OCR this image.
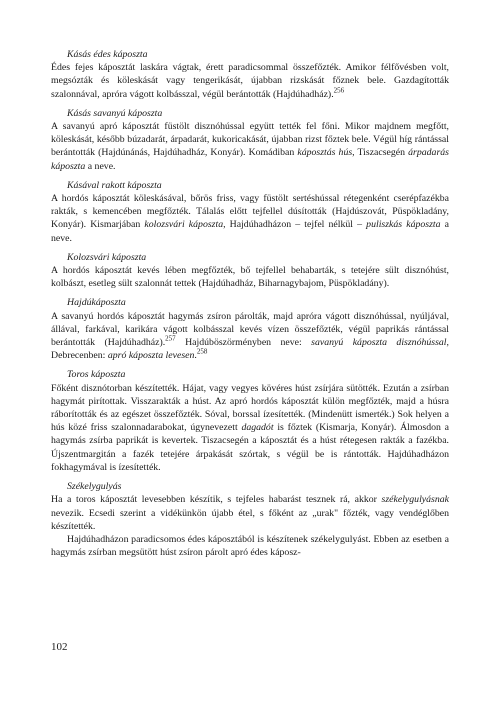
Kásás édes káposzta

Édes fejes káposztát laskára vágtak, érett paradicsommal összefőzték. Amikor félfővésben volt, megsózták és köleskását vagy tengerikását, újabban rizskását főznek bele. Gazdagították szalonnával, apróra vágott kolbásszal, végül berántották (Hajdúhadház).$^{256}$

Kásás savanyú káposzta

A savanyú apró káposztát füstölt disznóhússal együtt tették fel főni. Mikor majdnem megfőtt, köleskását, később búzadarát, árpadarát, kukoricakását, újabban rizst főztek bele. Végül híg rántással berántották (Hajdúnánás, Hajdúhadház, Konyár). Komádiban káposztás hús, Tiszacsegén árpadarás káposzta a neve.

Kásával rakott káposzta

A hordós káposztát köleskásával, bőrös friss, vagy füstölt sertéshússal rétegenként cserépfazékba rakták, s kemencében megfőzték. Tálalás előtt tejfellel dúsították (Hajdúszovát, Püspökladány, Konyár). Kismarjában kolozsvári káposzta, Hajdúhadházon – tejfel nélkül – puliszkás káposzta a neve.

Kolozsvári káposzta

A hordós káposztát kevés lében megfőzték, bő tejfellel behabarták, s tetejére sült disznóhúst, kolbászt, esetleg sült szalonnát tettek (Hajdúhadház, Biharnagybajom, Püspökladány).

Hajdúkáposzta

A savanyú hordós káposztát hagymás zsíron párolták, majd apróra vágott disznóhússal, nyúljával, állával, farkával, karikára vágott kolbásszal kevés vízen összefőzték, végül paprikás rántással berántották (Hajdúhadház).$^{257}$ Hajdúböszörményben neve: savanyú káposzta disznóhússal, Debrecenben: apró káposzta levesen.$^{258}$

Toros káposzta

Főként disznótorban készítették. Hájat, vagy vegyes kövéres húst zsírjára sütötték. Ezután a zsírban hagymát pirítottak. Visszarakták a húst. Az apró hordós káposztát külön megfőzték, majd a húsra ráborították és az egészet összefőzték. Sóval, borssal ízesítették. (Mindenütt ismerték.) Sok helyen a hús közé friss szalonnadarabokat, úgynevezett dagadót is főztek (Kismarja, Konyár). Álmosdon a hagymás zsírba paprikát is kevertek. Tiszacsegén a káposztát és a húst rétegesen rakták a fazékba. Újszentmargitán a fazék tetejére árpakását szórtak, s végül be is rántották. Hajdúhadházon fokhagymával is ízesítették.

Székelygulyás

Ha a toros káposztát levesebben készítik, s tejfeles habarást tesznek rá, akkor székelygulyásnak nevezik. Ecsedi szerint a vidékünkön újabb étel, s főként az „urak" főzték, vagy vendéglőben készítették.

Hajdúhadházon paradicsomos édes káposztából is készítenek székelygulyást. Ebben az esetben a hagymás zsírban megsütött húst zsíron párolt apró édes káposz-

102
